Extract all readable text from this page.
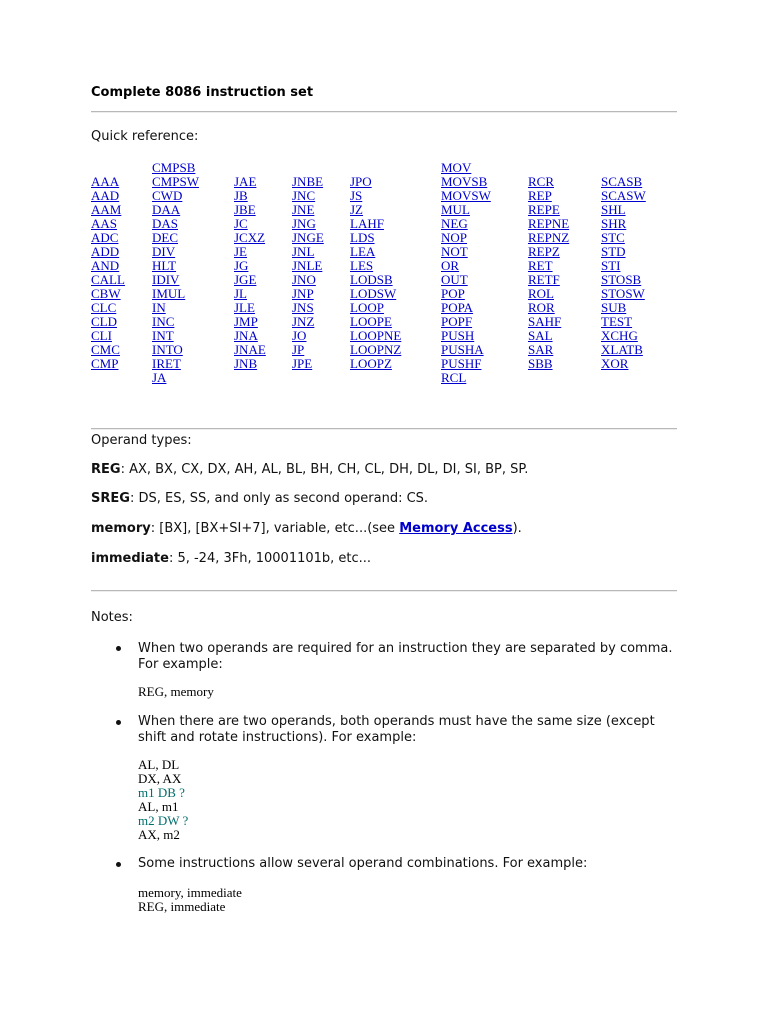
Complete 8086 instruction set
Quick reference:
AAA
AAD
AAM
AAS
ADC
ADD
AND
CALL
CBW
CLC
CLD
CLI
CMC
CMP
CMPSB
CMPSW
CWD
DAA
DAS
DEC
DIV
HLT
IDIV
IMUL
IN
INC
INT
INTO
IRET
JA
JAE
JB
JBE
JC
JCXZ
JE
JG
JGE
JL
JLE
JMP
JNA
JNAE
JNB
JNBE
JNC
JNE
JNG
JNGE
JNL
JNLE
JNO
JNP
JNS
JNZ
JO
JP
JPE
JPO
JS
JZ
LAHF
LDS
LEA
LES
LODSB
LODSW
LOOP
LOOPE
LOOPNE
LOOPNZ
LOOPZ
MOV
MOVSB
MOVSW
MUL
NEG
NOP
NOT
OR
OUT
POP
POPA
POPF
PUSH
PUSHA
PUSHF
RCL
RCR
REP
REPE
REPNE
REPNZ
REPZ
RET
RETF
ROL
ROR
SAHF
SAL
SAR
SBB
SCASB
SCASW
SHL
SHR
STC
STD
STI
STOSB
STOSW
SUB
TEST
XCHG
XLATB
XOR
Operand types:
REG: AX, BX, CX, DX, AH, AL, BL, BH, CH, CL, DH, DL, DI, SI, BP, SP.
SREG: DS, ES, SS, and only as second operand: CS.
memory: [BX], [BX+SI+7], variable, etc...(see Memory Access).
immediate: 5, -24, 3Fh, 10001101b, etc...
Notes:
When two operands are required for an instruction they are separated by comma. For example:
REG, memory
When there are two operands, both operands must have the same size (except shift and rotate instructions). For example:
AL, DL
DX, AX
m1 DB ?
AL, m1
m2 DW ?
AX, m2
Some instructions allow several operand combinations. For example:
memory, immediate
REG, immediate
